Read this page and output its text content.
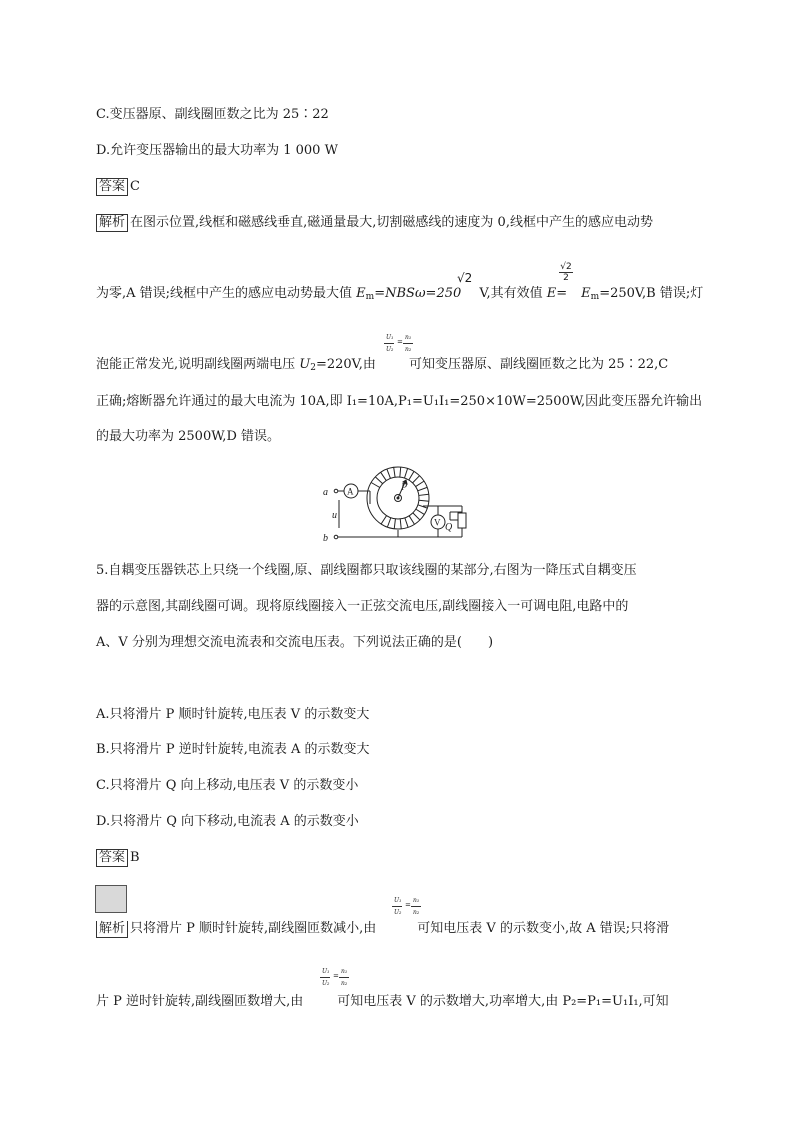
C.变压器原、副线圈匝数之比为 25∶22
D.允许变压器输出的最大功率为 1 000 W
答案 C
解析 在图示位置,线框和磁感线垂直,磁通量最大,切割磁感线的速度为 0,线框中产生的感应电动势
为零,A 错误;线框中产生的感应电动势最大值 $E_m=NBS\omega=250$ V,其有效值 $E= E_m=250V,B$ 错误;灯
√2	$\frac{√2}{2}$
泡能正常发光,说明副线圈两端电压 $U_2=220V$,由	可知变压器原、副线圈匝数之比为 25∶22,C
U₁
U₂
=
n₁
n₂
正确;熔断器允许通过的最大电流为 10A,即 I₁=10A,P₁=U₁I₁=250×10W=2500W,因此变压器允许输出
的最大功率为 2500W,D 错误。
a
b
u
A
V
P
Q
5.自耦变压器铁芯上只绕一个线圈,原、副线圈都只取该线圈的某部分,右图为一降压式自耦变压
器的示意图,其副线圈可调。现将原线圈接入一正弦交流电压,副线圈接入一可调电阻,电路中的
A、V 分别为理想交流电流表和交流电压表。下列说法正确的是(　　)
A.只将滑片 P 顺时针旋转,电压表 V 的示数变大
B.只将滑片 P 逆时针旋转,电流表 A 的示数变大
C.只将滑片 Q 向上移动,电压表 V 的示数变小
D.只将滑片 Q 向下移动,电流表 A 的示数变小
答案 B
解析 只将滑片 P 顺时针旋转,副线圈匝数减小,由	可知电压表 V 的示数变小,故 A 错误;只将滑
U₁
U₂
=
n₁
n₂
片 P 逆时针旋转,副线圈匝数增大,由	可知电压表 V 的示数增大,功率增大,由 P₂=P₁=U₁I₁,可知
U₁
U₂
=
n₁
n₂
